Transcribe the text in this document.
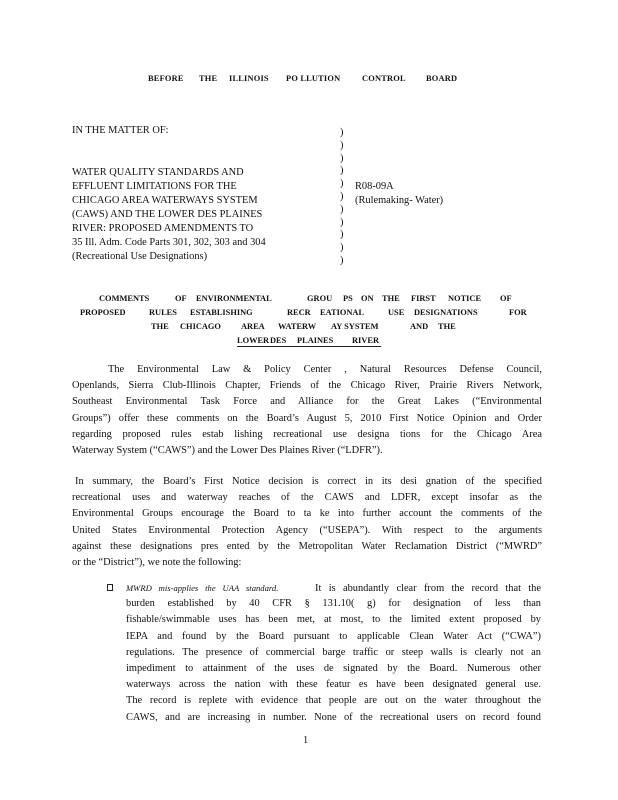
BEFORE THE ILLINOIS PO LLUTION	CONTROL BOARD
IN THE MATTER OF:
WATER QUALITY STANDARDS AND
EFFLUENT LIMITATIONS FOR THE
CHICAGO AREA WATERWAYS SYSTEM
(CAWS) AND THE LOWER DES PLAINES
RIVER: PROPOSED AMENDMENTS TO
35 Ill. Adm. Code Parts 301, 302, 303 and 304
(Recreational Use Designations)
)
)
)
)
)
)
)
)
)
)
)
R08-09A
(Rulemaking- Water)
COMMENTS	OF ENVIRONMENTAL	GROU PS ON THE FIRST NOTICE OF
PROPOSED	RULES ESTABLISHING	RECR EATIONAL	USE DESIGNATIONS	FOR
THE CHICAGO AREA WATERW AY SYSTEM	AND THE
LOWER DES PLAINES RIVER
The Environmental Law & Policy Center , Natural Resources Defense Council,
Openlands, Sierra Club-Illinois Chapter, Friends of the Chicago River, Prairie Rivers Network,
Southeast Environmental Task Force and Alliance for the Great Lakes (“Environmental
Groups”) offer these comments on the Board’s August 5, 2010 First Notice Opinion and Order
regarding proposed rules estab lishing recreational use designa tions for the Chicago Area
Waterway System (“CAWS”) and the Lower Des Plaines River (“LDFR”).
In summary, the Board’s First Notice decision is correct in its desi gnation of the specified
recreational uses and waterway reaches of the CAWS and LDFR, except insofar as the
Environmental Groups encourage the Board to ta ke into further account the comments of the
United States Environmental Protection Agency (“USEPA”). With respect to the arguments
against these designations pres ented by the Metropolitan Water Reclamation District (“MWRD”
or the “District”), we note the following:
MWRD mis-applies the UAA standard.	It is abundantly clear from the record that the
burden established by 40 CFR § 131.10( g) for designation of less than
fishable/swimmable uses has been met, at most, to the limited extent proposed by
IEPA and found by the Board pursuant to applicable Clean Water Act (“CWA”)
regulations. The presence of commercial barge traffic or steep walls is clearly not an
impediment to attainment of the uses de signated by the Board. Numerous other
waterways across the nation with these featur es have been designated general use.
The record is replete with evidence that people are out on the water throughout the
CAWS, and are increasing in number. None of the recreational users on record found
1
